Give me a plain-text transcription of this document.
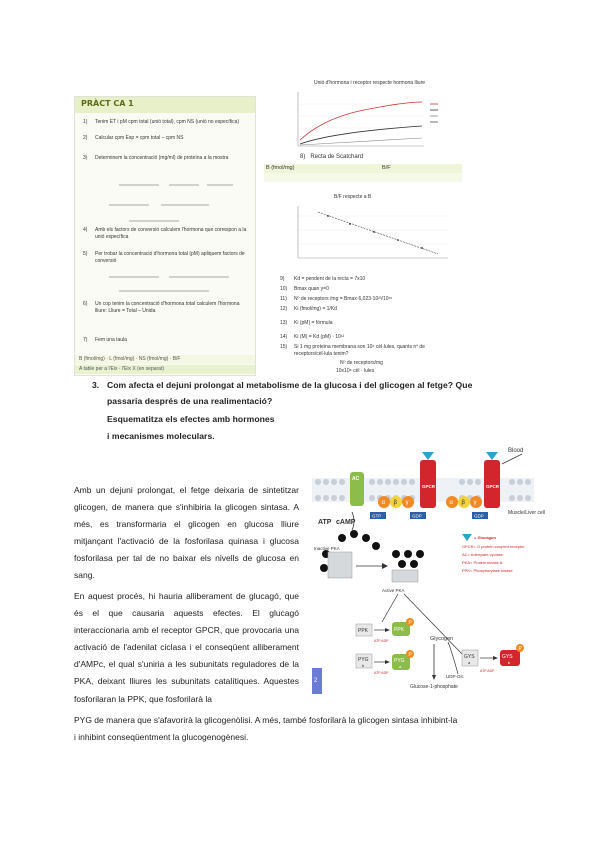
PRÀCT CA 1
1) Tenim ET i pM cpm total (unió total), cpm NS (unió no específica)
2) Calcular cpm Esp = cpm total – cpm NS
3) Determinem la concentració (mg/ml) de proteïna a la mostra
4) Amb els factors de conversió calculem l'hormona que correspon a la unió específica
5) Per trobar la concentració d'hormona total (pM) apliquem factors de conversió
6) Un cop tenim la concentració d'hormona total calculem l'hormona lliure: Lliure = Total – Unida
7) Fem una taula
B (fmol/mg) · L (fmol/mg) · NS (fmol/mg) · B/F
A table per a l'Eix · l'Eix X (en separat)
Unió d'hormona i receptor respecte hormona lliure
8) Recta de Scatchard
B (fmol/mg)	B/F
B/F respecte a B
9) Kd = pendent de la recta = 7x10
10) Bmax quan y=0
11) Nº de receptors /mg = Bmax·6,023·10²³/10¹⁵
12) Ki (fmol/mg) = 1/Kd
13) Ki (pM) = fórmula
14) Ki (M) = Kd (pM) · 10¹²
15) Si 1 mg proteïna membrana son 10⁶ cèl·lules, quants nº de receptors/cèl·lula tenim?
Nº de receptors/mg
10x10⁶ cèl · lules
3. Com afecta el dejuni prolongat al metabolisme de la glucosa i del glicogen al fetge? Que
passaria després de una realimentació?
Esquematitza els efectes amb hormones
i mecanismes moleculars.
Amb un dejuni prolongat, el fetge deixaria de sintetitzar glicogen, de manera que s'inhibiria la glicogen sintasa. A més, es transformaria el glicogen en glucosa lliure mitjançant l'activació de la fosforilasa quinasa i glucosa fosforilasa per tal de no baixar els nivells de glucosa en sang.
En aquest procés, hi hauria alliberament de glucagó, que és el que causaria aquests efectes. El glucagó interaccionaria amb el receptor GPCR, que provocaria una activació de l'adenilat ciclasa i el conseqüent alliberament d'AMPc, el qual s'uniria a les subunitats reguladores de la PKA, deixant lliures les subunitats catalítiques. Aquestes fosforilaran la PPK, que fosforilarà la
PYG de manera que s'afavorirà la glicogenòlisi. A més, també fosforilarà la glicogen sintasa inhibint-la
i inhibint conseqüentment la glucogenogènesi.
Blood
Muscle/Liver cell
AC
GPCR	GPCR
α β γ	α β γ
GTP	GDP	GDP
ATP cAMP
Inactive PKA
Active PKA
= Glucagon
GPCR= G protein-coupled receptor
AC= Adenylate cyclase
PKA= Protein kinase A
PPK= Phosphorylase kinase
PPK	PPK
P
ATP ADP
PYG
b
PYG
a
P
ATP ADP
Glycogen
Glucose-1-phosphate
UDP-Glc
GYS
a
GYS
b
P
ATP ADP
2
